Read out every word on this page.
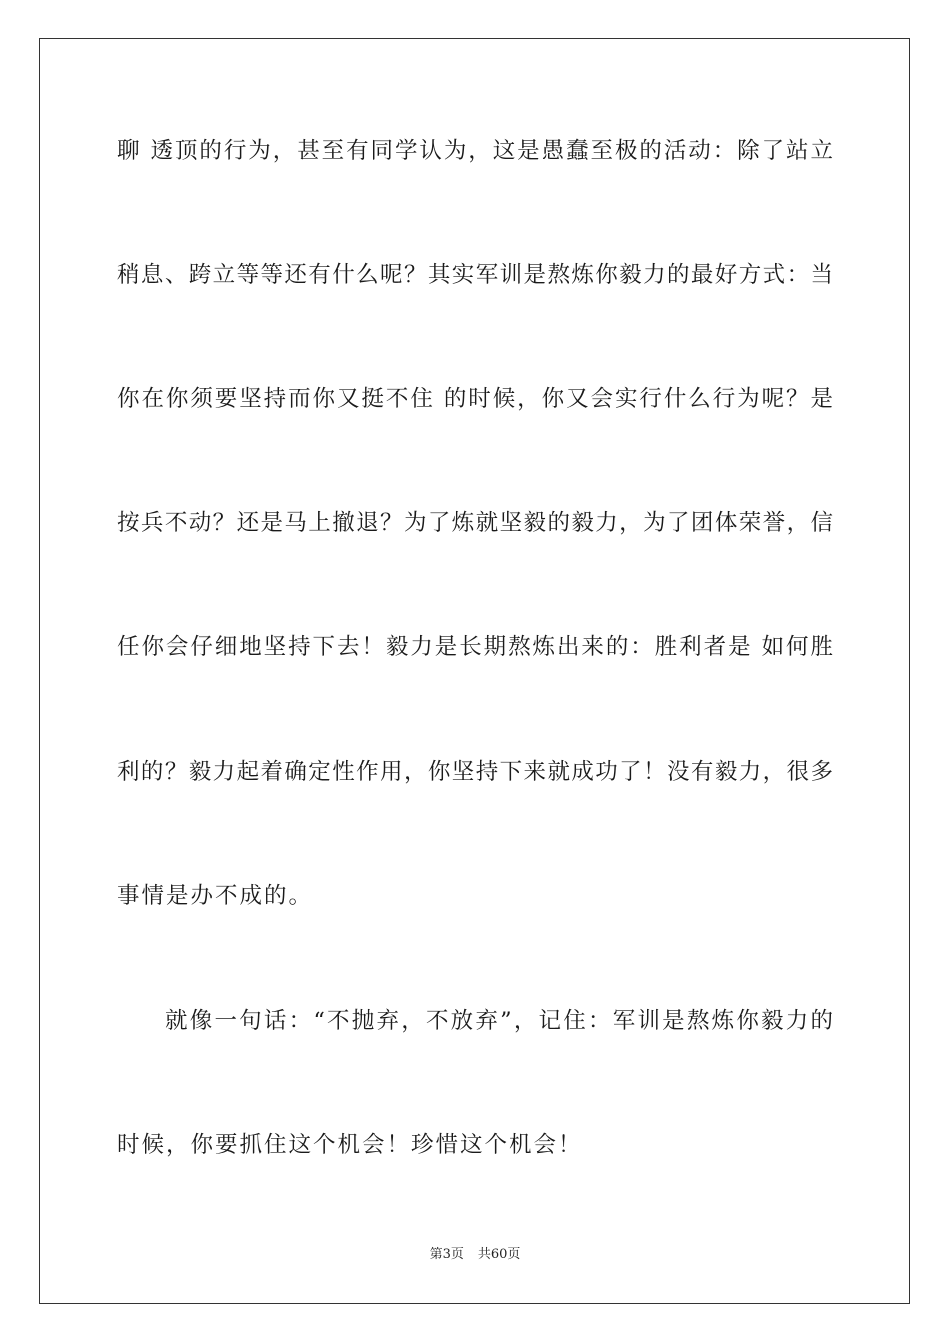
聊 透顶的行为，甚至有同学认为，这是愚蠢至极的活动：除了站立
稍息、跨立等等还有什么呢？其实军训是熬炼你毅力的最好方式：当
你在你须要坚持而你又挺不住 的时候，你又会实行什么行为呢？是
按兵不动？还是马上撤退？为了炼就坚毅的毅力，为了团体荣誉，信
任你会仔细地坚持下去！毅力是长期熬炼出来的：胜利者是 如何胜
利的？毅力起着确定性作用，你坚持下来就成功了！没有毅力，很多
事情是办不成的。
就像一句话：“不抛弃，不放弃”，记住：军训是熬炼你毅力的
时候，你要抓住这个机会！珍惜这个机会！
第3页 共60页
